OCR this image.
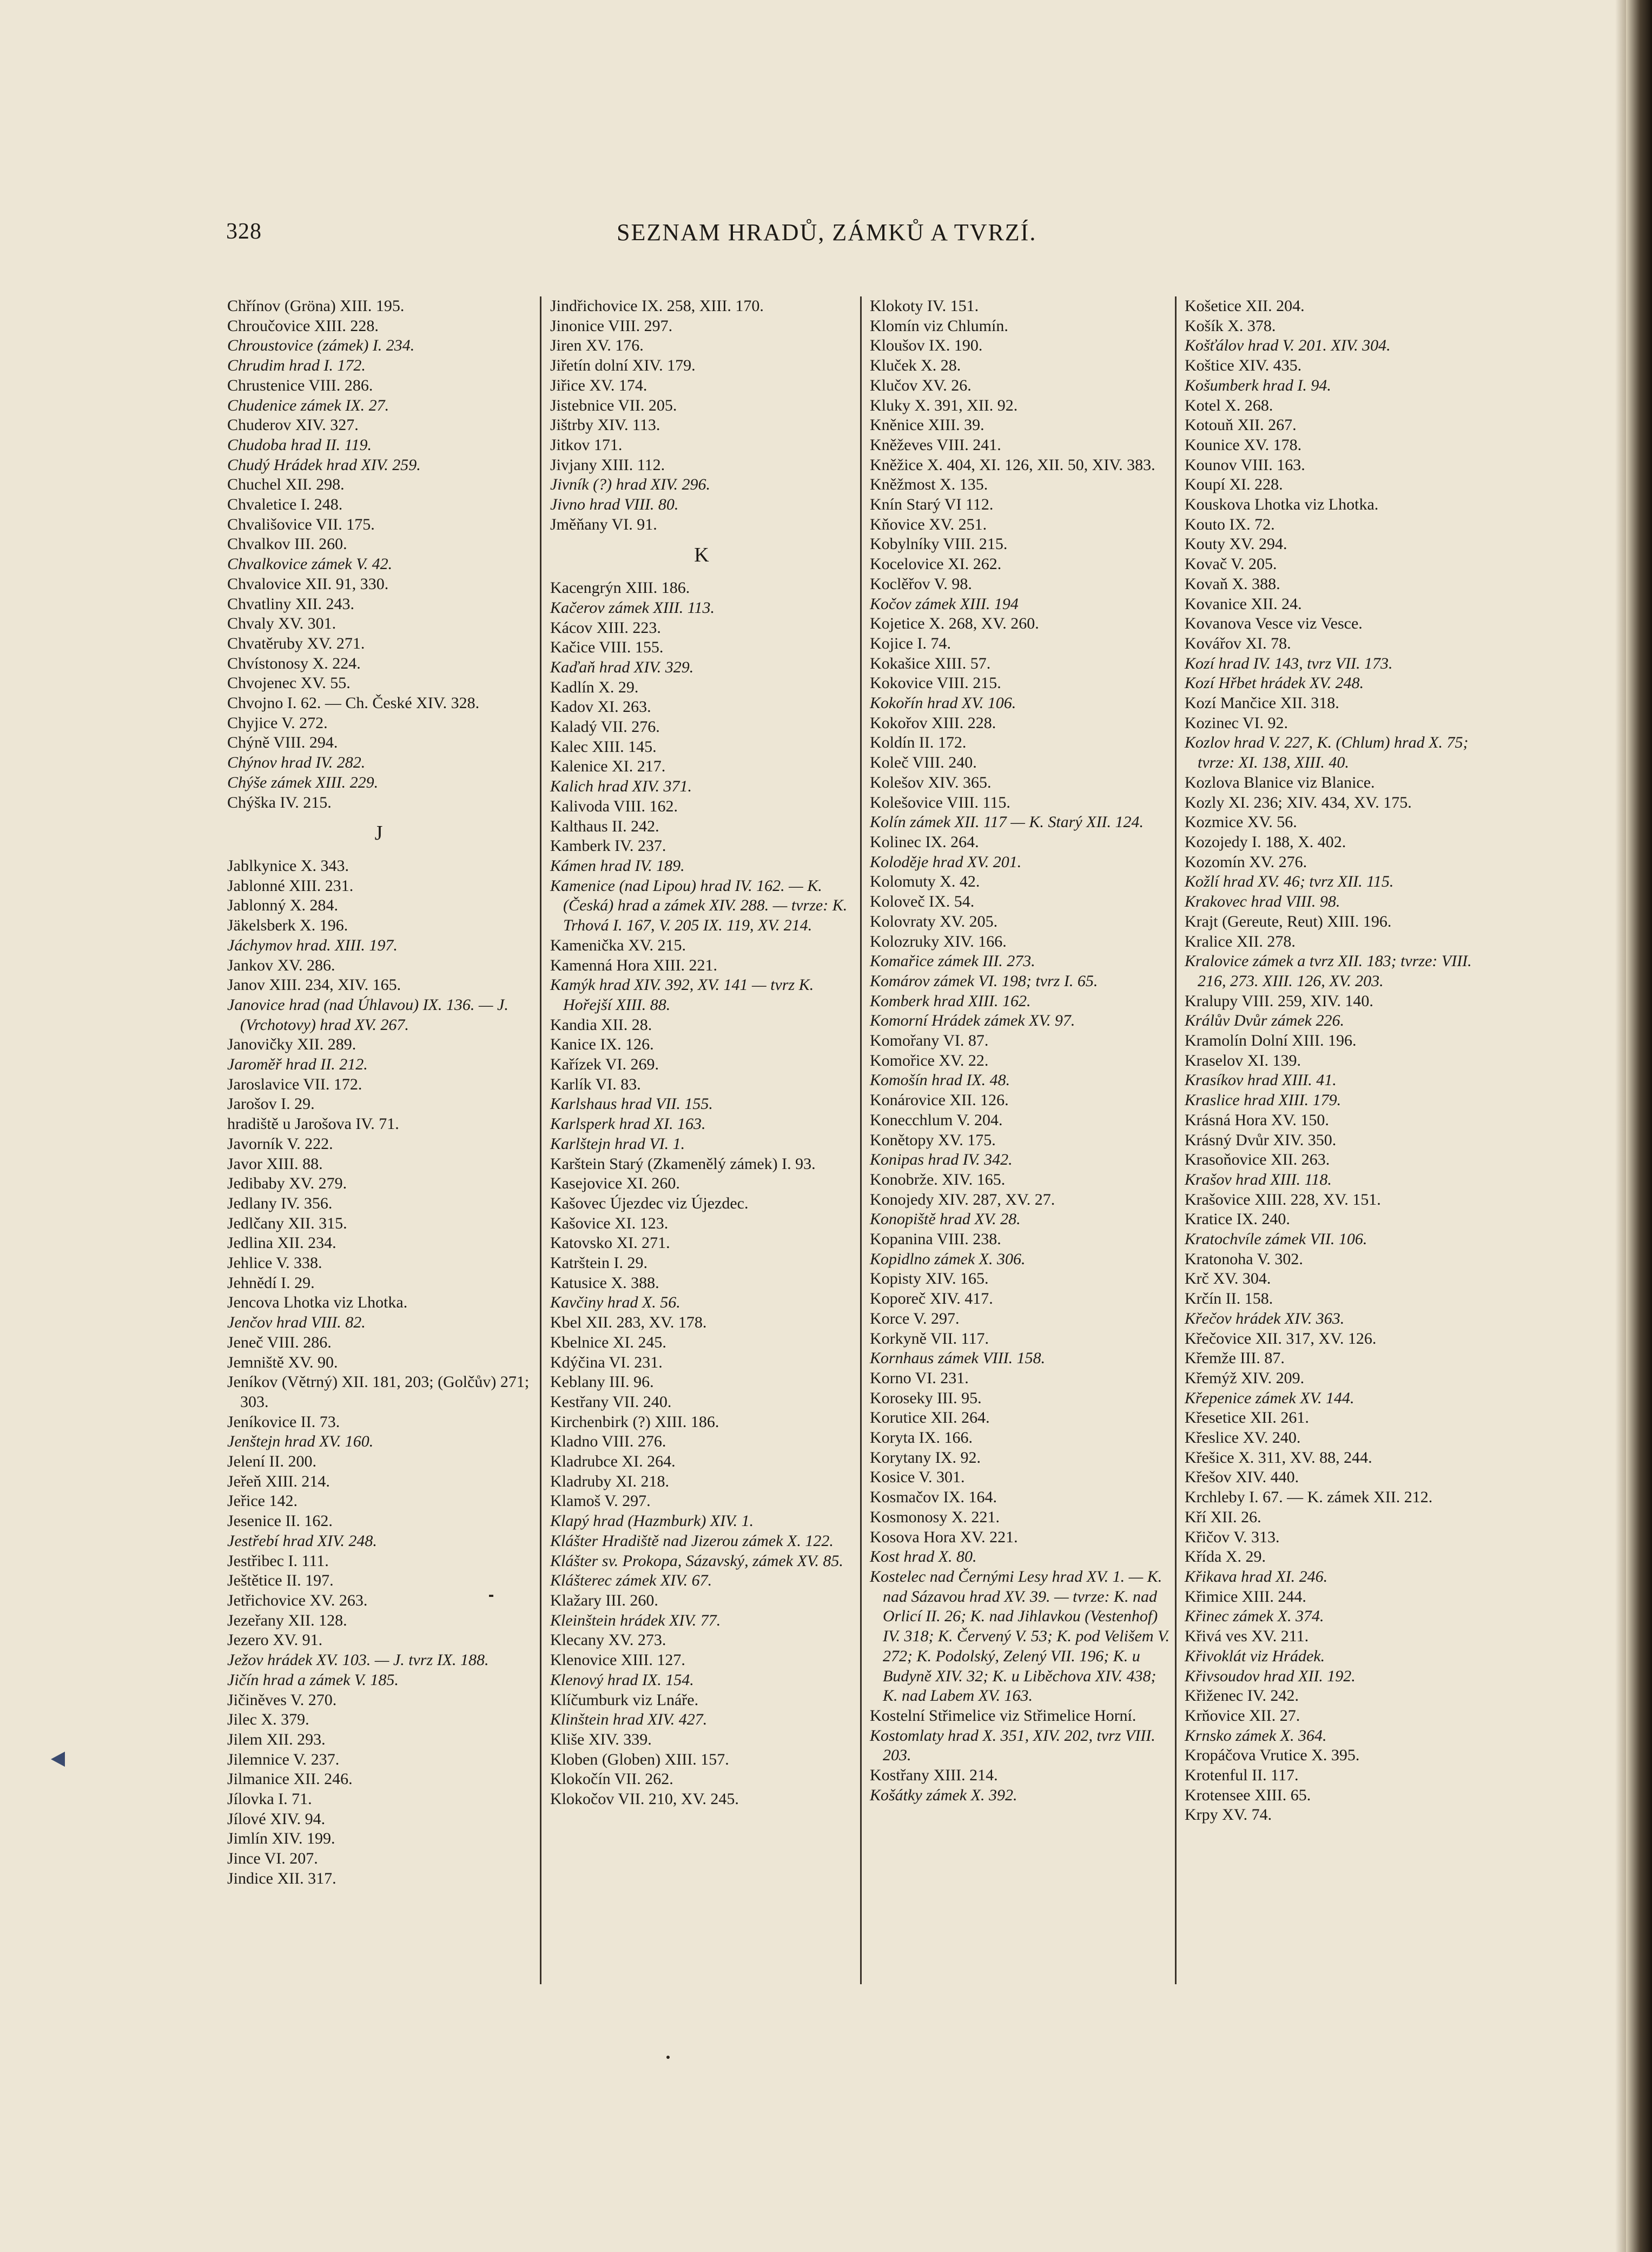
328	SEZNAM HRADŮ, ZÁMKŮ A TVRZÍ.

Chřínov (Gröna) XIII. 195.

Chroučovice XIII. 228.

Chroustovice (zámek) I. 234.

Chrudim hrad I. 172.

Chrustenice VIII. 286.

Chudenice zámek IX. 27.

Chuderov XIV. 327.

Chudoba hrad II. 119.

Chudý Hrádek hrad XIV. 259.

Chuchel XII. 298.

Chvaletice I. 248.

Chvališovice VII. 175.

Chvalkov III. 260.

Chvalkovice zámek V. 42.

Chvalovice XII. 91, 330.

Chvatliny XII. 243.

Chvaly XV. 301.

Chvatěruby XV. 271.

Chvístonosy X. 224.

Chvojenec XV. 55.

Chvojno I. 62. — Ch. České XIV. 328.

Chyjice V. 272.

Chýně VIII. 294.

Chýnov hrad IV. 282.

Chýše zámek XIII. 229.

Chýška IV. 215.

J

Jablkynice X. 343.

Jablonné XIII. 231.

Jablonný X. 284.

Jäkelsberk X. 196.

Jáchymov hrad. XIII. 197.

Jankov XV. 286.

Janov XIII. 234, XIV. 165.

Janovice hrad (nad Úhlavou) IX. 136. — J. (Vrchotovy) hrad XV. 267.

Janovičky XII. 289.

Jaroměř hrad II. 212.

Jaroslavice VII. 172.

Jarošov I. 29.

hradiště u Jarošova IV. 71.

Javorník V. 222.

Javor XIII. 88.

Jedibaby XV. 279.

Jedlany IV. 356.

Jedlčany XII. 315.

Jedlina XII. 234.

Jehlice V. 338.

Jehnědí I. 29.

Jencova Lhotka viz Lhotka.

Jenčov hrad VIII. 82.

Jeneč VIII. 286.

Jemniště XV. 90.

Jeníkov (Větrný) XII. 181, 203; (Golčův) 271; 303.

Jeníkovice II. 73.

Jenštejn hrad XV. 160.

Jelení II. 200.

Jeřeň XIII. 214.

Jeřice 142.

Jesenice II. 162.

Jestřebí hrad XIV. 248.

Jestřibec I. 111.

Ještětice II. 197.

Jetřichovice XV. 263.

Jezeřany XII. 128.

Jezero XV. 91.

Ježov hrádek XV. 103. — J. tvrz IX. 188.

Jičín hrad a zámek V. 185.

Jičiněves V. 270.

Jilec X. 379.

Jilem XII. 293.

Jilemnice V. 237.

Jilmanice XII. 246.

Jílovka I. 71.

Jílové XIV. 94.

Jimlín XIV. 199.

Jince VI. 207.

Jindice XII. 317.

Jindřichovice IX. 258, XIII. 170.

Jinonice VIII. 297.

Jiren XV. 176.

Jiřetín dolní XIV. 179.

Jiřice XV. 174.

Jistebnice VII. 205.

Jištrby XIV. 113.

Jitkov 171.

Jivjany XIII. 112.

Jivník (?) hrad XIV. 296.

Jivno hrad VIII. 80.

Jměňany VI. 91.

K

Kacengrýn XIII. 186.

Kačerov zámek XIII. 113.

Kácov XIII. 223.

Kačice VIII. 155.

Kaďaň hrad XIV. 329.

Kadlín X. 29.

Kadov XI. 263.

Kaladý VII. 276.

Kalec XIII. 145.

Kalenice XI. 217.

Kalich hrad XIV. 371.

Kalivoda VIII. 162.

Kalthaus II. 242.

Kamberk IV. 237.

Kámen hrad IV. 189.

Kamenice (nad Lipou) hrad IV. 162. — K. (Česká) hrad a zámek XIV. 288. — tvrze: K. Trhová I. 167, V. 205 IX. 119, XV. 214.

Kamenička XV. 215.

Kamenná Hora XIII. 221.

Kamýk hrad XIV. 392, XV. 141 — tvrz K. Hořejší XIII. 88.

Kandia XII. 28.

Kanice IX. 126.

Kařízek VI. 269.

Karlík VI. 83.

Karlshaus hrad VII. 155.

Karlsperk hrad XI. 163.

Karlštejn hrad VI. 1.

Karštein Starý (Zkamenělý zámek) I. 93.

Kasejovice XI. 260.

Kašovec Újezdec viz Újezdec.

Kašovice XI. 123.

Katovsko XI. 271.

Katrštein I. 29.

Katusice X. 388.

Kavčiny hrad X. 56.

Kbel XII. 283, XV. 178.

Kbelnice XI. 245.

Kdýčina VI. 231.

Keblany III. 96.

Kestřany VII. 240.

Kirchenbirk (?) XIII. 186.

Kladno VIII. 276.

Kladrubce XI. 264.

Kladruby XI. 218.

Klamoš V. 297.

Klapý hrad (Hazmburk) XIV. 1.

Klášter Hradiště nad Jizerou zámek X. 122.

Klášter sv. Prokopa, Sázavský, zámek XV. 85.

Klášterec zámek XIV. 67.

Klažary III. 260.

Kleinštein hrádek XIV. 77.

Klecany XV. 273.

Klenovice XIII. 127.

Klenový hrad IX. 154.

Klíčumburk viz Lnáře.

Klinštein hrad XIV. 427.

Kliše XIV. 339.

Kloben (Globen) XIII. 157.

Klokočín VII. 262.

Klokočov VII. 210, XV. 245.

Klokoty IV. 151.

Klomín viz Chlumín.

Kloušov IX. 190.

Kluček X. 28.

Klučov XV. 26.

Kluky X. 391, XII. 92.

Kněnice XIII. 39.

Kněževes VIII. 241.

Kněžice X. 404, XI. 126, XII. 50, XIV. 383.

Kněžmost X. 135.

Knín Starý VI 112.

Kňovice XV. 251.

Kobylníky VIII. 215.

Kocelovice XI. 262.

Koclěřov V. 98.

Kočov zámek XIII. 194

Kojetice X. 268, XV. 260.

Kojice I. 74.

Kokašice XIII. 57.

Kokovice VIII. 215.

Kokořín hrad XV. 106.

Kokořov XIII. 228.

Koldín II. 172.

Koleč VIII. 240.

Kolešov XIV. 365.

Kolešovice VIII. 115.

Kolín zámek XII. 117 — K. Starý XII. 124.

Kolinec IX. 264.

Koloděje hrad XV. 201.

Kolomuty X. 42.

Koloveč IX. 54.

Kolovraty XV. 205.

Kolozruky XIV. 166.

Komařice zámek III. 273.

Komárov zámek VI. 198; tvrz I. 65.

Komberk hrad XIII. 162.

Komorní Hrádek zámek XV. 97.

Komořany VI. 87.

Komořice XV. 22.

Komošín hrad IX. 48.

Konárovice XII. 126.

Konecchlum V. 204.

Konětopy XV. 175.

Konipas hrad IV. 342.

Konobrže. XIV. 165.

Konojedy XIV. 287, XV. 27.

Konopiště hrad XV. 28.

Kopanina VIII. 238.

Kopidlno zámek X. 306.

Kopisty XIV. 165.

Koporeč XIV. 417.

Korce V. 297.

Korkyně VII. 117.

Kornhaus zámek VIII. 158.

Korno VI. 231.

Koroseky III. 95.

Korutice XII. 264.

Koryta IX. 166.

Korytany IX. 92.

Kosice V. 301.

Kosmačov IX. 164.

Kosmonosy X. 221.

Kosova Hora XV. 221.

Kost hrad X. 80.

Kostelec nad Černými Lesy hrad XV. 1. — K. nad Sázavou hrad XV. 39. — tvrze: K. nad Orlicí II. 26; K. nad Jihlavkou (Vestenhof) IV. 318; K. Červený V. 53; K. pod Velišem V. 272; K. Podolský, Zelený VII. 196; K. u Budyně XIV. 32; K. u Liběchova XIV. 438; K. nad Labem XV. 163.

Kostelní Střimelice viz Střimelice Horní.

Kostomlaty hrad X. 351, XIV. 202, tvrz VIII. 203.

Kostřany XIII. 214.

Košátky zámek X. 392.

Košetice XII. 204.

Košík X. 378.

Košťálov hrad V. 201. XIV. 304.

Koštice XIV. 435.

Košumberk hrad I. 94.

Kotel X. 268.

Kotouň XII. 267.

Kounice XV. 178.

Kounov VIII. 163.

Koupí XI. 228.

Kouskova Lhotka viz Lhotka.

Kouto IX. 72.

Kouty XV. 294.

Kovač V. 205.

Kovaň X. 388.

Kovanice XII. 24.

Kovanova Vesce viz Vesce.

Kovářov XI. 78.

Kozí hrad IV. 143, tvrz VII. 173.

Kozí Hřbet hrádek XV. 248.

Kozí Mančice XII. 318.

Kozinec VI. 92.

Kozlov hrad V. 227, K. (Chlum) hrad X. 75; tvrze: XI. 138, XIII. 40.

Kozlova Blanice viz Blanice.

Kozly XI. 236; XIV. 434, XV. 175.

Kozmice XV. 56.

Kozojedy I. 188, X. 402.

Kozomín XV. 276.

Kožlí hrad XV. 46; tvrz XII. 115.

Krakovec hrad VIII. 98.

Krajt (Gereute, Reut) XIII. 196.

Kralice XII. 278.

Kralovice zámek a tvrz XII. 183; tvrze: VIII. 216, 273. XIII. 126, XV. 203.

Kralupy VIII. 259, XIV. 140.

Králův Dvůr zámek 226.

Kramolín Dolní XIII. 196.

Kraselov XI. 139.

Krasíkov hrad XIII. 41.

Kraslice hrad XIII. 179.

Krásná Hora XV. 150.

Krásný Dvůr XIV. 350.

Krasoňovice XII. 263.

Krašov hrad XIII. 118.

Krašovice XIII. 228, XV. 151.

Kratice IX. 240.

Kratochvíle zámek VII. 106.

Kratonoha V. 302.

Krč XV. 304.

Krčín II. 158.

Křečov hrádek XIV. 363.

Křečovice XII. 317, XV. 126.

Křemže III. 87.

Křemýž XIV. 209.

Křepenice zámek XV. 144.

Křesetice XII. 261.

Křeslice XV. 240.

Křešice X. 311, XV. 88, 244.

Křešov XIV. 440.

Krchleby I. 67. — K. zámek XII. 212.

Kří XII. 26.

Křičov V. 313.

Křída X. 29.

Křikava hrad XI. 246.

Křimice XIII. 244.

Křinec zámek X. 374.

Křivá ves XV. 211.

Křivoklát viz Hrádek.

Křivsoudov hrad XII. 192.

Křiženec IV. 242.

Krňovice XII. 27.

Krnsko zámek X. 364.

Kropáčova Vrutice X. 395.

Krotenful II. 117.

Krotensee XIII. 65.

Krpy XV. 74.
